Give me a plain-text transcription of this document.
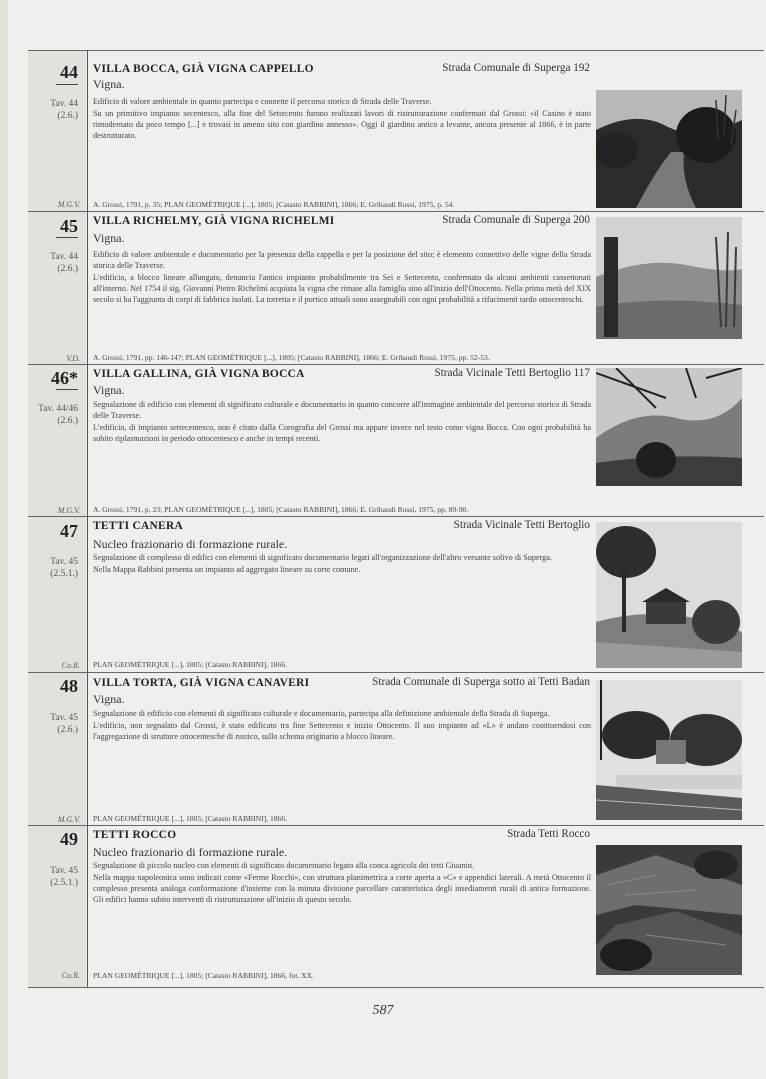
44
Tav. 44
(2.6.)
M.G.V.
VILLA BOCCA, GIÀ VIGNA CAPPELLO	Strada Comunale di Superga 192
Vigna.

Edificio di valore ambientale in quanto partecipa e connette il percorso storico di Strada delle Traverse.

Su un primitivo impianto secentesco, alla fine del Settecento furono realizzati lavori di ristrutturazione confermati dal Grossi: «il Casino è stato rimodernato da poco tempo [...] e trovasi in ameno sito con giardino annesso». Oggi il giardino antico a levante, ancora presente al 1866, è in parte destrutturato.

A. Grossi, 1791, p. 35; PLAN GEOMÉTRIQUE [...], 1805; [Catasto RABBINI], 1866; E. Gribaudi Rossi, 1975, p. 54.
45
Tav. 44
(2.6.)
V.D.
VILLA RICHELMY, GIÀ VIGNA RICHELMI	Strada Comunale di Superga 200
Vigna.

Edificio di valore ambientale e documentario per la presenza della cappella e per la posizione del sito; è elemento connettivo delle vigne della Strada storica delle Traverse.

L'edificio, a blocco lineare allungato, denuncia l'antico impianto probabilmente tra Sei e Settecento, confermato da alcuni ambienti cassettonati all'interno. Nel 1754 il sig. Giovanni Pietro Richelmi acquista la vigna che rimase alla famiglia sino all'inizio dell'Ottocento. Nella prima metà del XIX secolo si ha l'aggiunta di corpi di fabbrica isolati. La torretta e il portico attuali sono assegnabili con ogni probabilità a rifacimenti tardo ottocenteschi.

A. Grossi, 1791, pp. 146-147; PLAN GEOMÉTRIQUE [...], 1805; [Catasto RABBINI], 1866; E. Gribaudi Rossi, 1975, pp. 52-53.
46*
Tav. 44/46
(2.6.)
M.G.V.
VILLA GALLINA, GIÀ VIGNA BOCCA	Strada Vicinale Tetti Bertoglio 117
Vigna.

Segnalazione di edificio con elementi di significato culturale e documentario in quanto concorre all'immagine ambientale del percorso storico di Strada delle Traverse.

L'edificio, di impianto settecentesco, non è citato dalla Corografia del Grossi ma appare invece nel testo come vigna Bocca. Con ogni probabilità ha subito riplasmazioni in periodo ottocentesco e anche in tempi recenti.

A. Grossi, 1791, p. 23; PLAN GEOMÉTRIQUE [...], 1805; [Catasto RABBINI], 1866; E. Gribaudi Rossi, 1975, pp. 89-90.
47
Tav. 45
(2.5.1.)
Co.R.
TETTI CANERA	Strada Vicinale Tetti Bertoglio
Nucleo frazionario di formazione rurale.

Segnalazione di complesso di edifici con elementi di significato documentario legati all'organizzazione dell'altro versante solivo di Superga.

Nella Mappa Rabbini presenta un impianto ad aggregato lineare su corte comune.

PLAN GEOMÉTRIQUE [...], 1805; [Catasto RABBINI], 1866.
48
Tav. 45
(2.6.)
M.G.V.
VILLA TORTA, GIÀ VIGNA CANAVERI	Strada Comunale di Superga sotto ai Tetti Badan
Vigna.

Segnalazione di edificio con elementi di significato culturale e documentario, partecipa alla definizione ambientale della Strada di Superga.

L'edificio, non segnalato dal Grossi, è stato edificato tra fine Settecento e inizio Ottocento. Il suo impianto ad «L» è andato costituendosi con l'aggregazione di strutture ottocentesche di rustico, sullo schema originario a blocco lineare.

PLAN GEOMÉTRIQUE [...], 1805; [Catasto RABBINI], 1866.
49
Tav. 45
(2.5.1.)
Co.R.
TETTI ROCCO	Strada Tetti Rocco
Nucleo frazionario di formazione rurale.

Segnalazione di piccolo nucleo con elementi di significato documentario legato alla conca agricola dei tetti Giuanin.

Nella mappa napoleonica sono indicati come «Ferme Rocchi», con struttura planimetrica a corte aperta a «C» e appendici laterali. A metà Ottocento il complesso presenta analoga conformazione d'insieme con la minuta divisione parcellare caratteristica degli insediamenti rurali di antica formazione. Gli edifici hanno subito interventi di ristrutturazione all'inizio di questo secolo.

PLAN GEOMÉTRIQUE [...], 1805; [Catasto RABBINI], 1866, fot. XX.
587
